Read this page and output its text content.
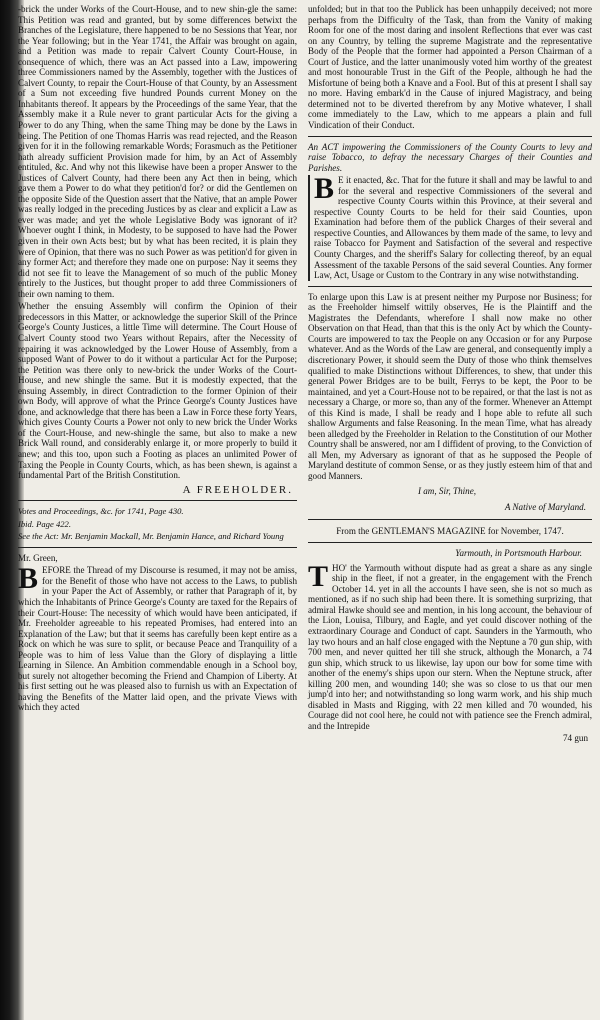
-brick the under Works of the Court-House, and to new shin-gle the same: This Petition was read and granted, but by some differences betwixt the Branches of the Legislature, there happened to be no Sessions that Year, nor the Year following; but in the Year 1741, the Affair was brought on again, and a Petition was made to repair Calvert County Court-House, in consequence of which, there was an Act passed into a Law, impowering three Commissioners named by the Assembly, together with the Justices of Calvert County, to repair the Court-House of that County, by an Assessment of a Sum not exceeding five hundred Pounds current Money on the Inhabitants thereof. It appears by the Proceedings of the same Year, that the Assembly make it a Rule never to grant particular Acts for the giving a Power to do any Thing, when the same Thing may be done by the Laws in being. The Petition of one Thomas Harris was read rejected, and the Reason given for it in the following remarkable Words; Forasmuch as the Petitioner hath already sufficient Provision made for him, by an Act of Assembly entituled, &c. And why not this likewise have been a proper Answer to the Justices of Calvert County, had there been any Act then in being, which gave them a Power to do what they petition'd for? or did the Gentlemen on the opposite Side of the Question assert that the Native, that an ample Power was really lodged in the preceding Justices by as clear and explicit a Law as ever was made; and yet the whole Legislative Body was ignorant of it? Whoever ought I think, in Modesty, to be supposed to have had the Power given in their own Acts best; but by what has been recited, it is plain they were of Opinion, that there was no such Power as was petition'd for given in any former Act; and therefore they made one on purpose: Nay it seems they did not see fit to leave the Management of so much of the public Money entirely to the Justices, but thought proper to add three Commissioners of their own naming to them.

Whether the ensuing Assembly will confirm the Opinion of their predecessors in this Matter, or acknowledge the superior Skill of the Prince George's County Justices, a little Time will determine. The Court House of Calvert County stood two Years without Repairs, after the Necessity of repairing it was acknowledged by the Lower House of Assembly, from a supposed Want of Power to do it without a particular Act for the Purpose; the Petition was there only to new-brick the under Works of the Court-House, and new shingle the same. But it is modestly expected, that the ensuing Assembly, in direct Contradiction to the former Opinion of their own Body, will approve of what the Prince George's County Justices have done, and acknowledge that there has been a Law in Force these forty Years, which gives County Courts a Power not only to new brick the Under Works of the Court-House, and new-shingle the same, but also to make a new Brick Wall round, and considerably enlarge it, or more properly to build it anew; and this too, upon such a Footing as places an unlimited Power of Taxing the People in County Courts, which, as has been shewn, is against a fundamental Part of the British Constitution.

A FREEHOLDER.

Votes and Proceedings, &c. for 1741, Page 430.

Ibid. Page 422.

See the Act: Mr. Benjamin Mackall, Mr. Benjamin Hance, and Richard Young

Mr. Green,

B EFORE the Thread of my Discourse is resumed, it may not be amiss, for the Benefit of those who have not access to the Laws, to publish in your Paper the Act of Assembly, or rather that Paragraph of it, by which the Inhabitants of Prince George's County are taxed for the Repairs of their Court-House: The necessity of which would have been anticipated, if Mr. Freeholder agreeable to his repeated Promises, had entered into an Explanation of the Law; but that it seems has carefully been kept entire as a Rock on which he was sure to split, or because Peace and Tranquility of a People was to him of less Value than the Glory of displaying a little Learning in Silence. An Ambition commendable enough in a School boy, but surely not altogether becoming the Friend and Champion of Liberty. At his first setting out he was pleased also to furnish us with an Expectation of having the Benefits of the Matter laid open, and the private Views with which they acted

unfolded; but in that too the Publick has been unhappily deceived; not more perhaps from the Difficulty of the Task, than from the Vanity of making Room for one of the most daring and insolent Reflections that ever was cast on any Country, by telling the supreme Magistrate and the representative Body of the People that the former had appointed a Person Chairman of a Court of Justice, and the latter unanimously voted him worthy of the greatest and most honourable Trust in the Gift of the People, although he had the Misfortune of being both a Knave and a Fool. But of this at present I shall say no more. Having embark'd in the Cause of injured Magistracy, and being determined not to be diverted therefrom by any Motive whatever, I shall come immediately to the Law, which to me appears a plain and full Vindication of their Conduct.

An ACT impowering the Commissioners of the County Courts to levy and raise Tobacco, to defray the necessary Charges of their Counties and Parishes.

B E it enacted, &c. That for the future it shall and may be lawful to and for the several and respective Commissioners of the several and respective County Courts within this Province, at their several and respective County Courts to be held for their said Counties, upon Examination had before them of the publick Charges of their several and respective Counties, and Allowances by them made of the same, to levy and raise Tobacco for Payment and Satisfaction of the several and respective County Charges, and the sheriff's Salary for collecting thereof, by an equal Assessment of the taxable Persons of the said several Counties. Any former Law, Act, Usage or Custom to the Contrary in any wise notwithstanding.

To enlarge upon this Law is at present neither my Purpose nor Business; for as the Freeholder himself wittily observes, He is the Plaintiff and the Magistrates the Defendants, wherefore I shall now make no other Observation on that Head, than that this is the only Act by which the County-Courts are impowered to tax the People on any Occasion or for any Purpose whatever. And as the Words of the Law are general, and consequently imply a discretionary Power, it should seem the Duty of those who think themselves qualified to make Distinctions without Differences, to shew, that under this general Power Bridges are to be built, Ferrys to be kept, the Poor to be maintained, and yet a Court-House not to be repaired, or that the last is not as necessary a Charge, or more so, than any of the former. Whenever an Attempt of this Kind is made, I shall be ready and I hope able to refute all such shallow Arguments and false Reasoning. In the mean Time, what has already been alledged by the Freeholder in Relation to the Constitution of our Mother Country shall be answered, nor am I diffident of proving, to the Conviction of all Men, my Adversary as ignorant of that as he supposed the People of Maryland destitute of common Sense, or as they justly esteem him of that and good Manners.

I am, Sir, Thine,
A Native of Maryland.
From the GENTLEMAN'S MAGAZINE for November, 1747.
Yarmouth, in Portsmouth Harbour.
T HO' the Yarmouth without dispute had as great a share as any single ship in the fleet, if not a greater, in the engagement with the French October 14. yet in all the accounts I have seen, she is not so much as mentioned, as if no such ship had been there. It is something surprizing, that admiral Hawke should see and mention, in his long account, the behaviour of the Lion, Louisa, Tilbury, and Eagle, and yet could discover nothing of the extraordinary Courage and Conduct of capt. Saunders in the Yarmouth, who lay two hours and an half close engaged with the Neptune a 70 gun ship, with 700 men, and never quitted her till she struck, although the Monarch, a 74 gun ship, which struck to us likewise, lay upon our bow for some time with another of the enemy's ships upon our stern. When the Neptune struck, after killing 200 men, and wounding 140; she was so close to us that our men jump'd into her; and notwithstanding so long warm work, and his ship much disabled in Masts and Rigging, with 22 men killed and 70 wounded, his Courage did not cool here, he could not with patience see the French admiral, and the Intrepide

74 gun
